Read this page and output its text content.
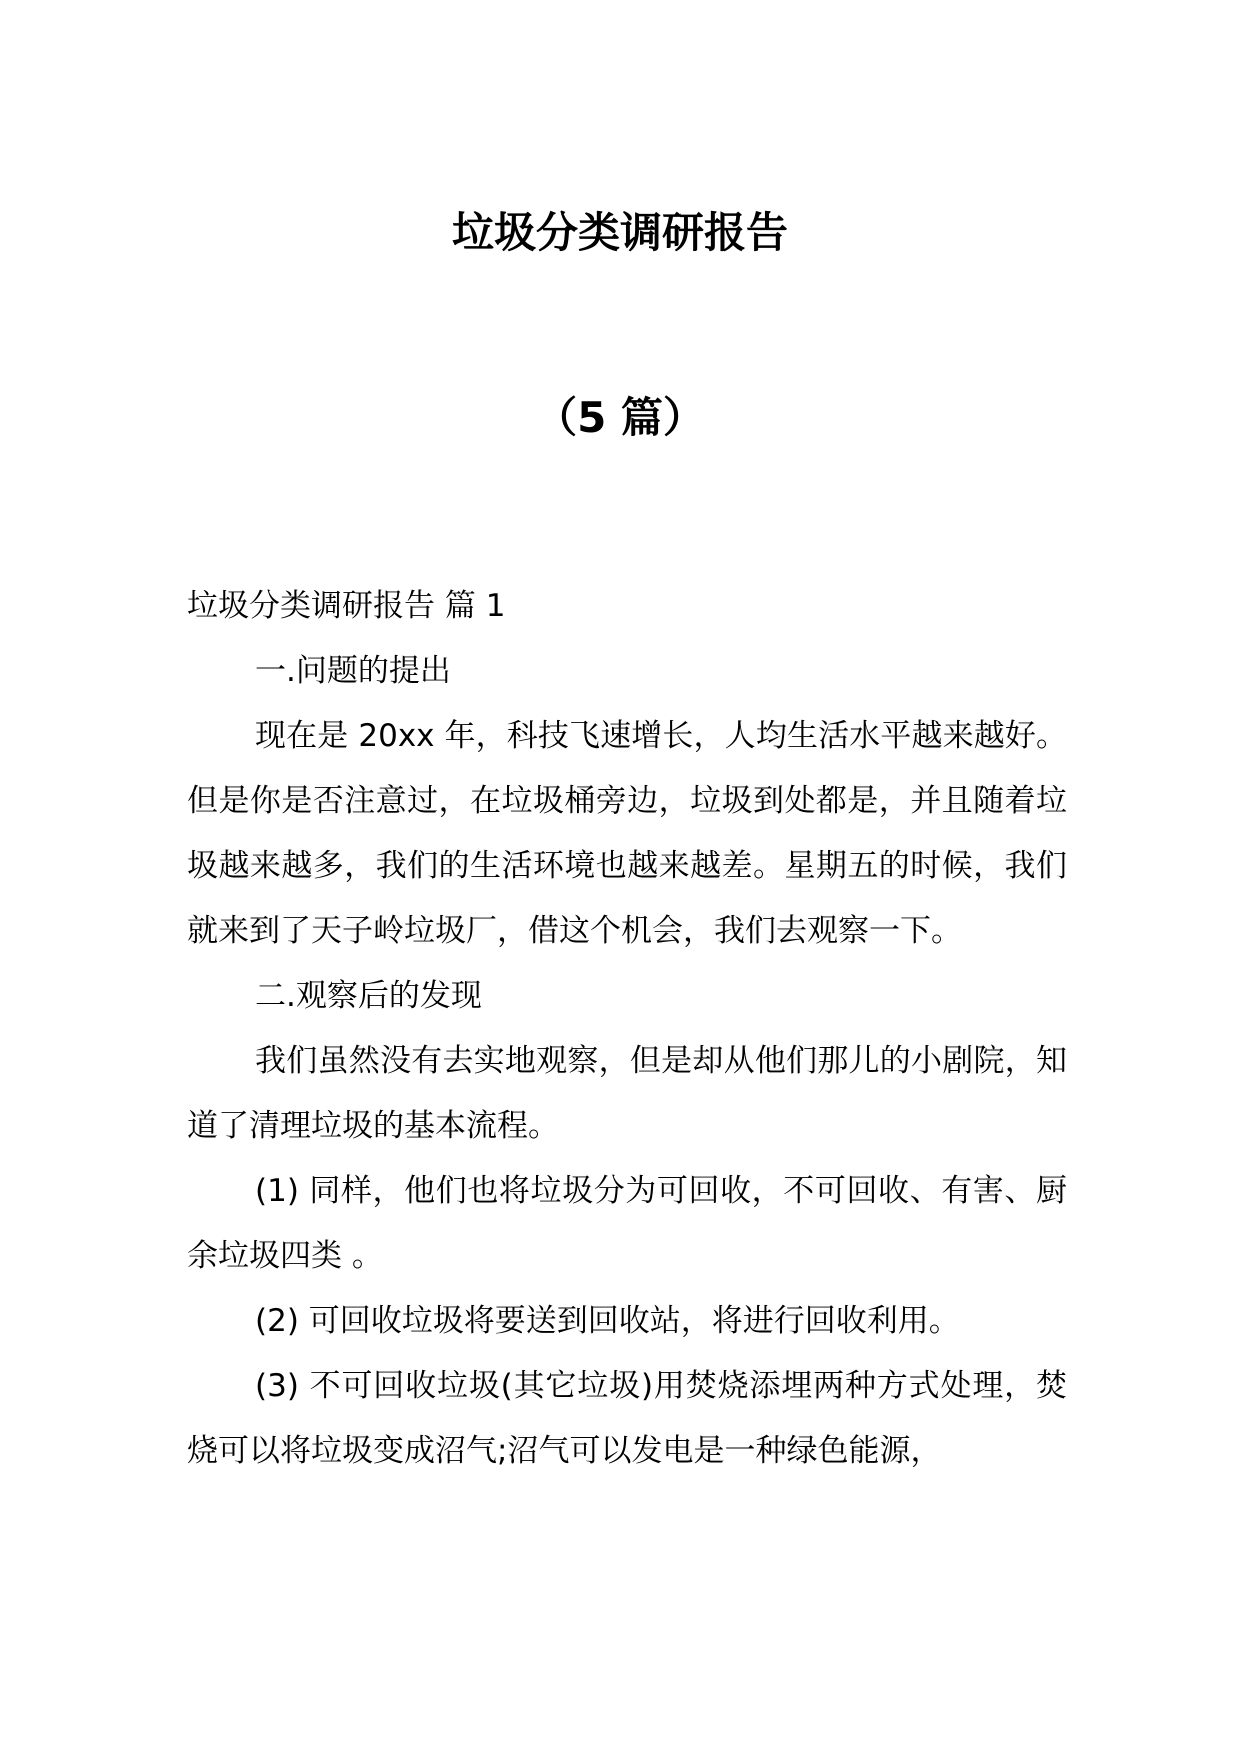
垃圾分类调研报告
（5 篇）

垃圾分类调研报告 篇 1

一.问题的提出

现在是 20xx 年，科技飞速增长，人均生活水平越来越好。但是你是否注意过，在垃圾桶旁边，垃圾到处都是，并且随着垃圾越来越多，我们的生活环境也越来越差。星期五的时候，我们就来到了天子岭垃圾厂，借这个机会，我们去观察一下。

二.观察后的发现

我们虽然没有去实地观察，但是却从他们那儿的小剧院，知道了清理垃圾的基本流程。

(1) 同样，他们也将垃圾分为可回收，不可回收、有害、厨余垃圾四类 。

(2) 可回收垃圾将要送到回收站，将进行回收利用。

(3) 不可回收垃圾(其它垃圾)用焚烧添埋两种方式处理，焚烧可以将垃圾变成沼气;沼气可以发电是一种绿色能源，
